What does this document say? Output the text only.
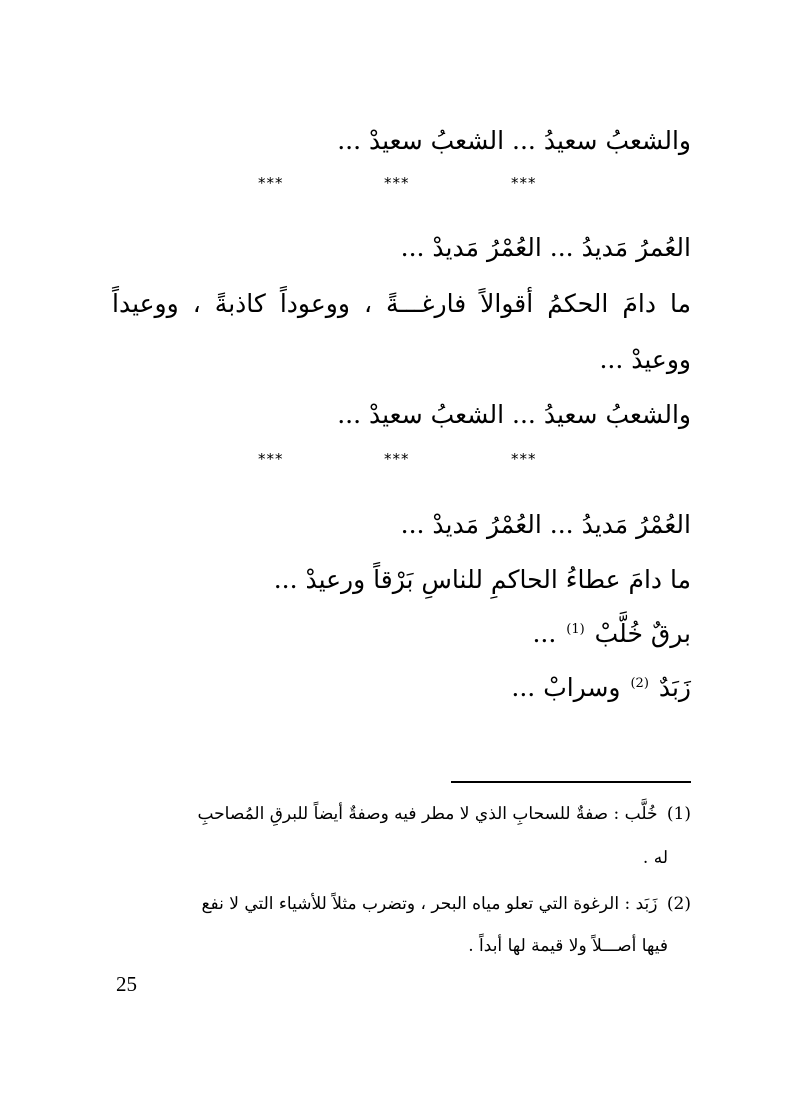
والشعبُ سعيدُ ... الشعبُ سعيدْ ...
***	***	***
العُمرُ مَديدُ ... العُمْرُ مَديدْ ...
ما دامَ الحكمُ أقوالاً فارغـــةً ، ووعوداً كاذبةً ، ووعيداً
ووعيدْ ...
والشعبُ سعيدُ ... الشعبُ سعيدْ ...
***	***	***
العُمْرُ مَديدُ ... العُمْرُ مَديدْ ...
ما دامَ عطاءُ الحاكمِ للناسِ بَرْقاً ورعيدْ ...
برقٌ خُلَّبْ $^{(1)}$ ...
زَبَدٌ $^{(2)}$ وسرابْ ...
(1) خُلَّب : صفةٌ للسحابِ الذي لا مطر فيه وصفةٌ أيضاً للبرقِ المُصاحبِ
له .
(2) زَبَد : الرغوة التي تعلو مياه البحر ، وتضرب مثلاً للأشياء التي لا نفع
فيها أصـــلاً ولا قيمة لها أبداً .
25
